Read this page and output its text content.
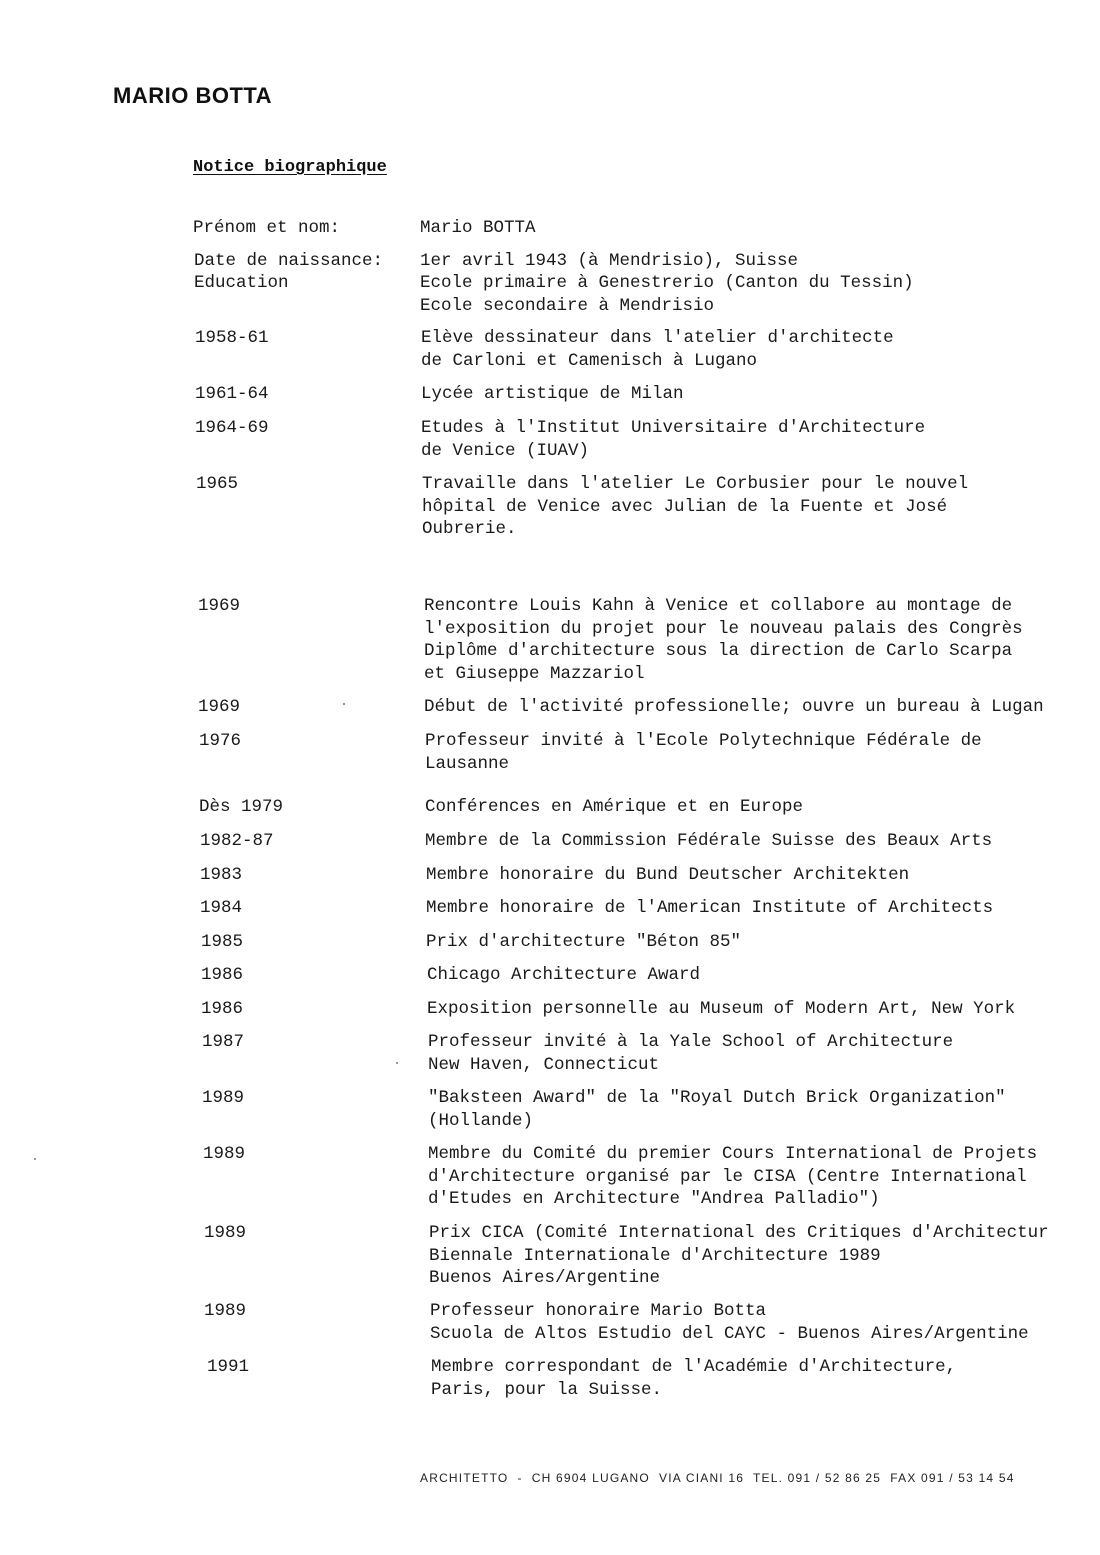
MARIO BOTTA
Notice biographique
Prénom et nom:	Mario BOTTA
Date de naissance: 1er avril 1943 (à Mendrisio), Suisse
Education	Ecole primaire à Genestrerio (Canton du Tessin)
Ecole secondaire à Mendrisio
1958-61	Elève dessinateur dans l'atelier d'architecte
de Carloni et Camenisch à Lugano
1961-64	Lycée artistique de Milan
1964-69	Etudes à l'Institut Universitaire d'Architecture
de Venice (IUAV)
1965	Travaille dans l'atelier Le Corbusier pour le nouvel
hôpital de Venice avec Julian de la Fuente et José
Oubrerie.
1969	Rencontre Louis Kahn à Venice et collabore au montage de
l'exposition du projet pour le nouveau palais des Congrès
Diplôme d'architecture sous la direction de Carlo Scarpa
et Giuseppe Mazzariol
1969	Début de l'activité professionelle; ouvre un bureau à Lugan
1976	Professeur invité à l'Ecole Polytechnique Fédérale de
Lausanne
Dès 1979	Conférences en Amérique et en Europe
1982-87	Membre de la Commission Fédérale Suisse des Beaux Arts
1983	Membre honoraire du Bund Deutscher Architekten
1984	Membre honoraire de l'American Institute of Architects
1985	Prix d'architecture "Béton 85"
1986	Chicago Architecture Award
1986	Exposition personnelle au Museum of Modern Art, New York
1987	Professeur invité à la Yale School of Architecture
New Haven, Connecticut
1989	"Baksteen Award" de la "Royal Dutch Brick Organization"
(Hollande)
1989	Membre du Comité du premier Cours International de Projets
d'Architecture organisé par le CISA (Centre International
d'Etudes en Architecture "Andrea Palladio")
1989	Prix CICA (Comité International des Critiques d'Architectur
Biennale Internationale d'Architecture 1989
Buenos Aires/Argentine
1989	Professeur honoraire Mario Botta
Scuola de Altos Estudio del CAYC - Buenos Aires/Argentine
1991	Membre correspondant de l'Académie d'Architecture,
Paris, pour la Suisse.
ARCHITETTO  -  CH 6904 LUGANO  VIA CIANI 16  TEL. 091 / 52 86 25  FAX 091 / 53 14 54
